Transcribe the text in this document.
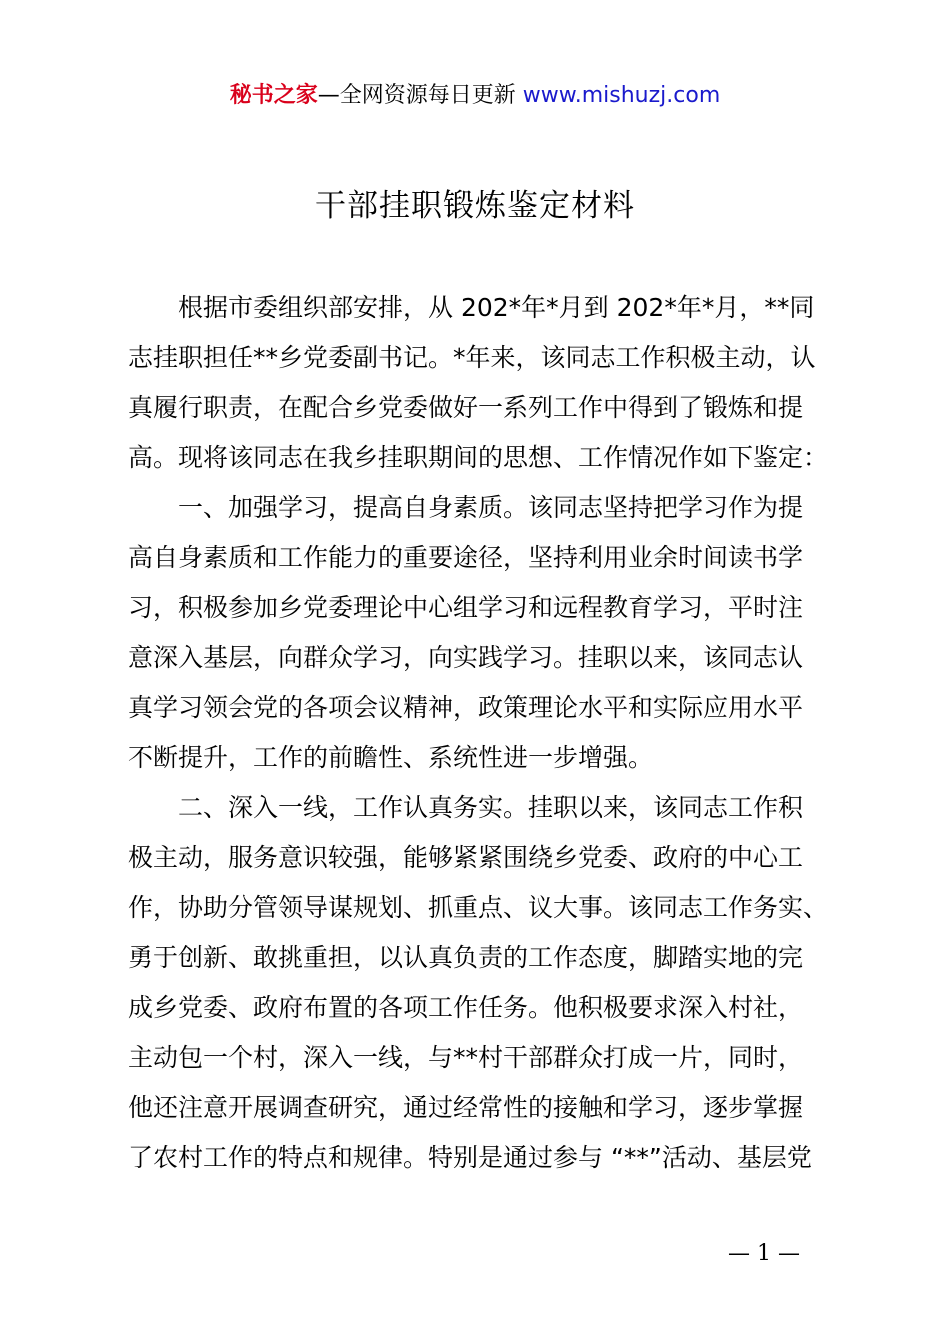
秘书之家—全网资源每日更新 www.mishuzj.com
干部挂职锻炼鉴定材料
根据市委组织部安排，从 202*年*月到 202*年*月，**同
志挂职担任**乡党委副书记。*年来，该同志工作积极主动，认
真履行职责，在配合乡党委做好一系列工作中得到了锻炼和提
高。现将该同志在我乡挂职期间的思想、工作情况作如下鉴定：
一、加强学习，提高自身素质。该同志坚持把学习作为提
高自身素质和工作能力的重要途径，坚持利用业余时间读书学
习，积极参加乡党委理论中心组学习和远程教育学习，平时注
意深入基层，向群众学习，向实践学习。挂职以来，该同志认
真学习领会党的各项会议精神，政策理论水平和实际应用水平
不断提升，工作的前瞻性、系统性进一步增强。
二、深入一线，工作认真务实。挂职以来，该同志工作积
极主动，服务意识较强，能够紧紧围绕乡党委、政府的中心工
作，协助分管领导谋规划、抓重点、议大事。该同志工作务实、
勇于创新、敢挑重担，以认真负责的工作态度，脚踏实地的完
成乡党委、政府布置的各项工作任务。他积极要求深入村社，
主动包一个村，深入一线，与**村干部群众打成一片，同时，
他还注意开展调查研究，通过经常性的接触和学习，逐步掌握
了农村工作的特点和规律。特别是通过参与 “**”活动、基层党
— 1 —
